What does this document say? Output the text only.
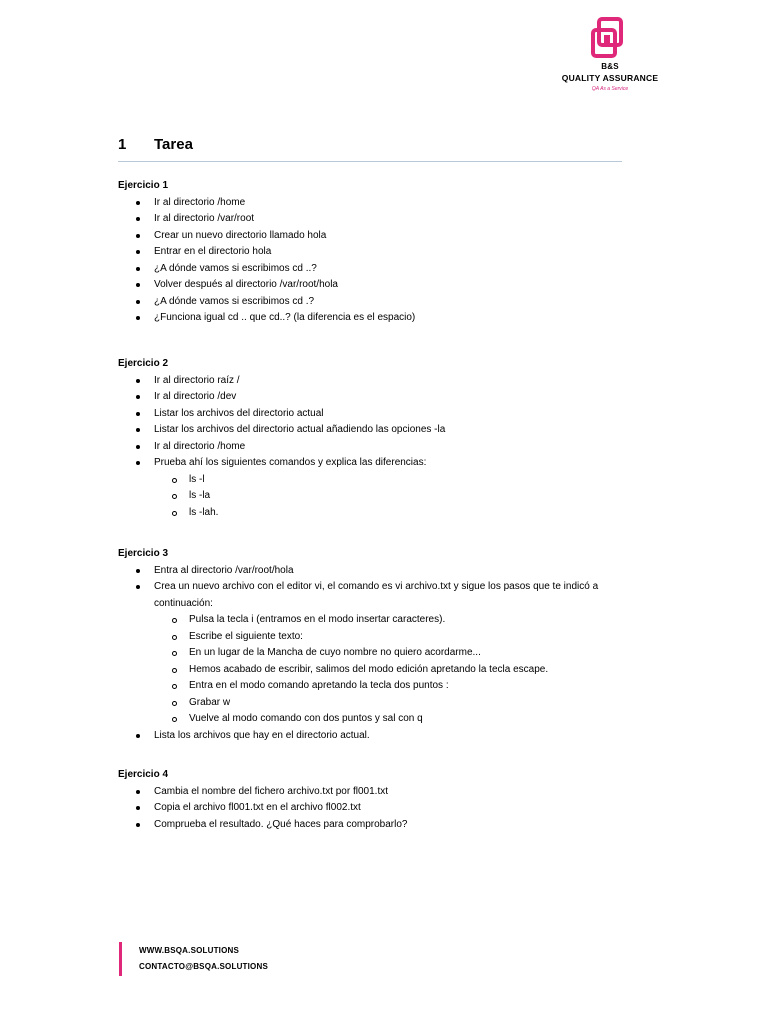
B&S
QUALITY ASSURANCE
QA As a Service
1 Tarea
Ejercicio 1
Ir al directorio /home
Ir al directorio /var/root
Crear un nuevo directorio llamado hola
Entrar en el directorio hola
¿A dónde vamos si escribimos cd ..?
Volver después al directorio /var/root/hola
¿A dónde vamos si escribimos cd .?
¿Funciona igual cd .. que cd..? (la diferencia es el espacio)
Ejercicio 2
Ir al directorio raíz /
Ir al directorio /dev
Listar los archivos del directorio actual
Listar los archivos del directorio actual añadiendo las opciones -la
Ir al directorio /home
Prueba ahí los siguientes comandos y explica las diferencias:
ls -l
ls -la
ls -lah.
Ejercicio 3
Entra al directorio /var/root/hola
Crea un nuevo archivo con el editor vi, el comando es vi archivo.txt y sigue los pasos que te indicó a continuación:
Pulsa la tecla i (entramos en el modo insertar caracteres).
Escribe el siguiente texto:
En un lugar de la Mancha de cuyo nombre no quiero acordarme...
Hemos acabado de escribir, salimos del modo edición apretando la tecla escape.
Entra en el modo comando apretando la tecla dos puntos :
Grabar w
Vuelve al modo comando con dos puntos y sal con q
Lista los archivos que hay en el directorio actual.
Ejercicio 4
Cambia el nombre del fichero archivo.txt por fl001.txt
Copia el archivo fl001.txt en el archivo fl002.txt
Comprueba el resultado. ¿Qué haces para comprobarlo?
WWW.BSQA.SOLUTIONS
CONTACTO@BSQA.SOLUTIONS
